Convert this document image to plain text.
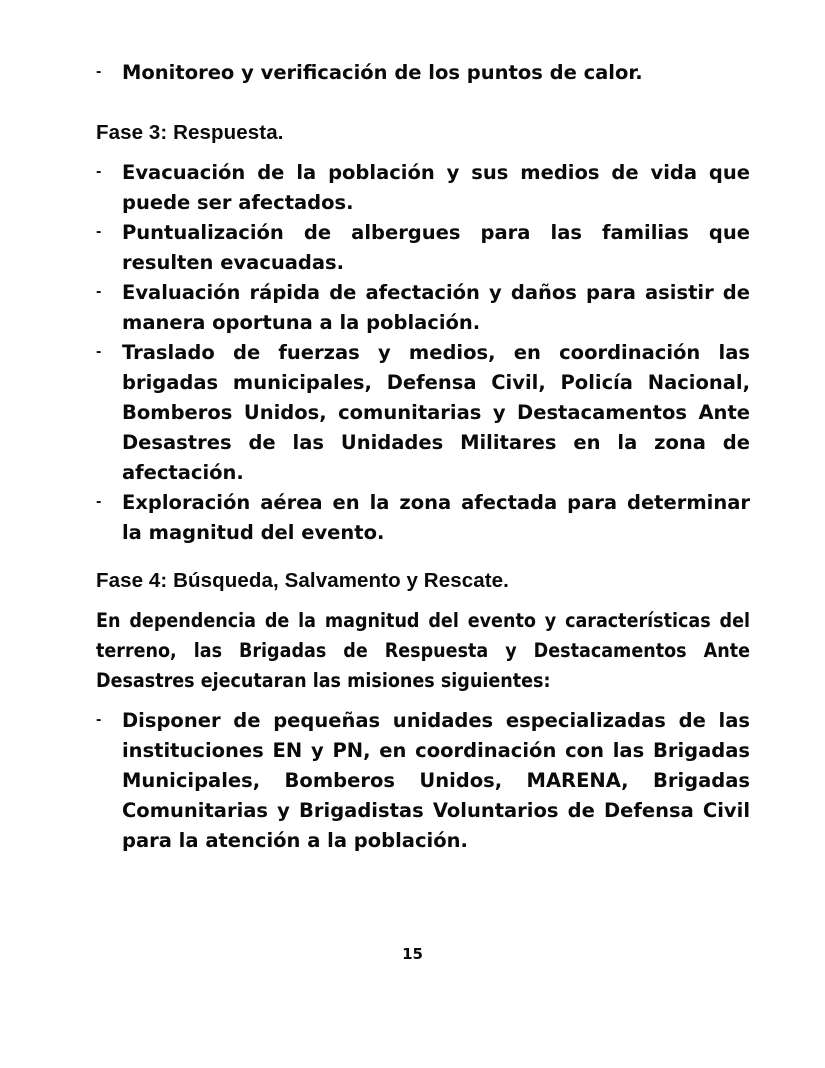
-	Monitoreo y verificación de los puntos de calor.

Fase 3: Respuesta.

-	Evacuación de la población y sus medios de vida que puede ser afectados.
-	Puntualización de albergues para las familias que resulten evacuadas.
-	Evaluación rápida de afectación y daños para asistir de manera oportuna a la población.
-	Traslado de fuerzas y medios, en coordinación las brigadas municipales, Defensa Civil, Policía Nacional, Bomberos Unidos, comunitarias y Destacamentos Ante Desastres de las Unidades Militares en la zona de afectación.
-	Exploración aérea en la zona afectada para determinar la magnitud del evento.

Fase 4: Búsqueda, Salvamento y Rescate.

En dependencia de la magnitud del evento y características del terreno, las Brigadas de Respuesta y Destacamentos Ante Desastres ejecutaran las misiones siguientes:

-	Disponer de pequeñas unidades especializadas de las instituciones EN y PN, en coordinación con las Brigadas Municipales, Bomberos Unidos, MARENA, Brigadas Comunitarias y Brigadistas Voluntarios de Defensa Civil para la atención a la población.
15
